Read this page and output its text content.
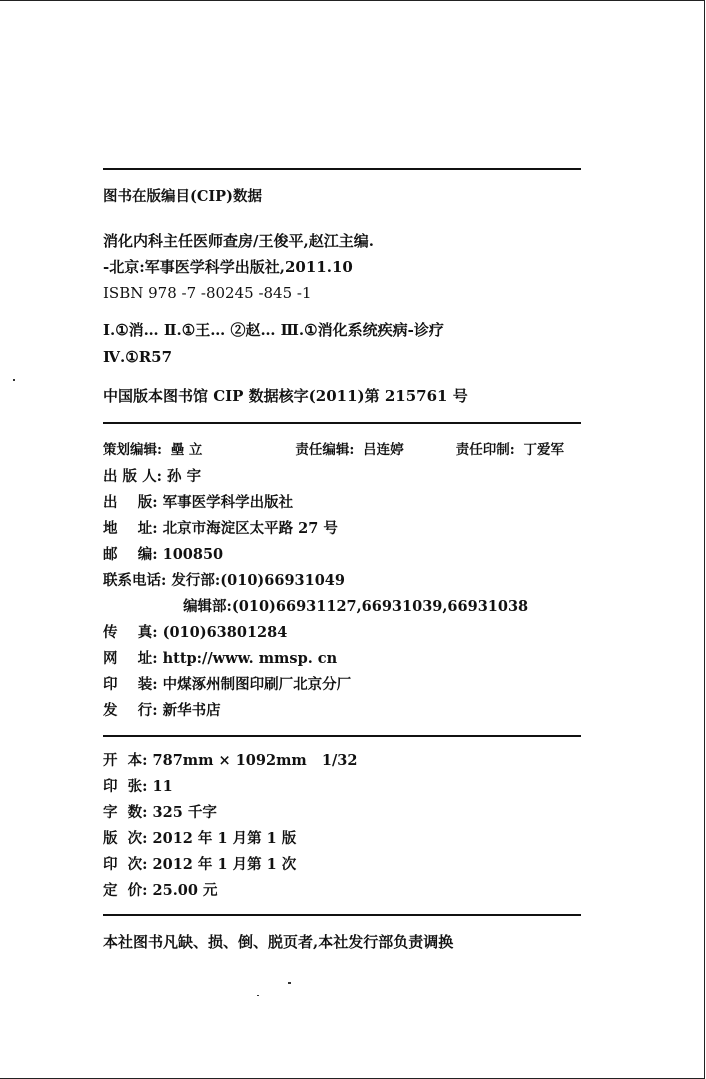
图书在版编目(CIP)数据
消化内科主任医师查房/王俊平,赵江主编.
-北京:军事医学科学出版社,2011.10
ISBN 978 -7 -80245 -845 -1
Ⅰ.①消… Ⅱ.①王… ②赵… Ⅲ.①消化系统疾病-诊疗
Ⅳ.①R57
中国版本图书馆 CIP 数据核字(2011)第 215761 号
策划编辑: 壘 立	责任编辑: 吕连婷	责任印制: 丁爱军
出 版 人: 孙 宇
出    版: 军事医学科学出版社
地    址: 北京市海淀区太平路 27 号
邮    编: 100850
联系电话: 发行部:(010)66931049
编辑部:(010)66931127,66931039,66931038
传    真: (010)63801284
网    址: http://www. mmsp. cn
印    装: 中煤涿州制图印刷厂北京分厂
发    行: 新华书店
开  本: 787mm × 1092mm   1/32
印  张: 11
字  数: 325 千字
版  次: 2012 年 1 月第 1 版
印  次: 2012 年 1 月第 1 次
定  价: 25.00 元
本社图书凡缺、损、倒、脱页者,本社发行部负责调换
